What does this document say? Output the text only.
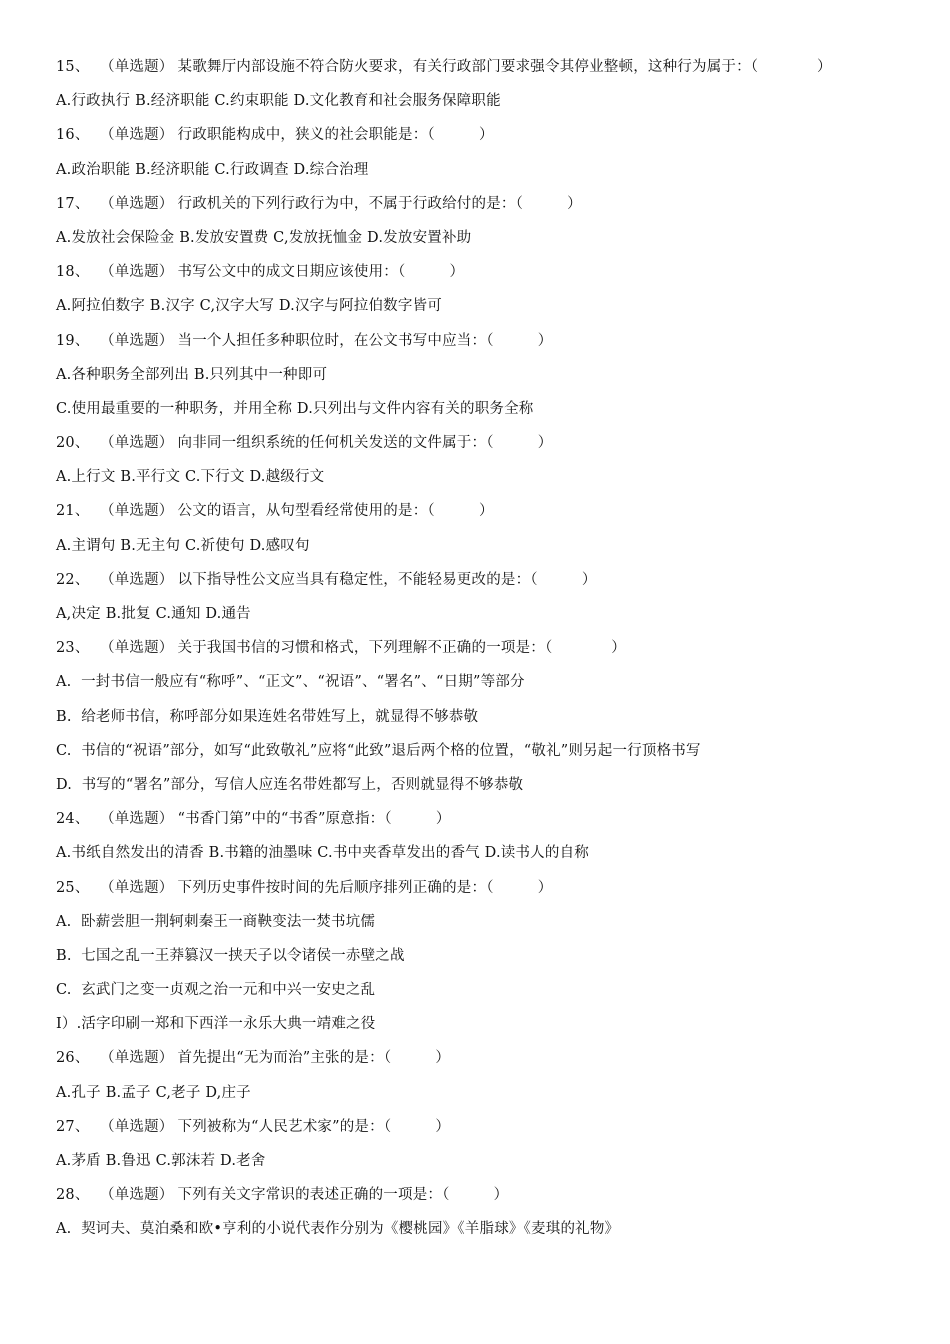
15、 （单选题） 某歌舞厅内部设施不符合防火要求，有关行政部门要求强令其停业整顿，这种行为属于：（　　　　）
A.行政执行 B.经济职能 C.约束职能 D.文化教育和社会服务保障职能
16、 （单选题） 行政职能构成中，狭义的社会职能是：（　　　）
A.政治职能 B.经济职能 C.行政调查 D.综合治理
17、 （单选题） 行政机关的下列行政行为中，不属于行政给付的是：（　　　）
A.发放社会保险金 B.发放安置费 C,发放抚恤金 D.发放安置补助
18、 （单选题） 书写公文中的成文日期应该使用：（　　　）
A.阿拉伯数字 B.汉字 C,汉字大写 D.汉字与阿拉伯数字皆可
19、 （单选题） 当一个人担任多种职位时，在公文书写中应当：（　　　）
A.各种职务全部列出 B.只列其中一种即可
C.使用最重要的一种职务，并用全称 D.只列出与文件内容有关的职务全称
20、 （单选题） 向非同一组织系统的任何机关发送的文件属于：（　　　）
A.上行文 B.平行文 C.下行文 D.越级行文
21、 （单选题） 公文的语言，从句型看经常使用的是：（　　　）
A.主谓句 B.无主句 C.祈使句 D.感叹句
22、 （单选题） 以下指导性公文应当具有稳定性，不能轻易更改的是：（　　　）
A,决定 B.批复 C.通知 D.通告
23、 （单选题） 关于我国书信的习惯和格式，下列理解不正确的一项是：（　　　　）
A.  一封书信一般应有“称呼”、“正文”、“祝语”、“署名”、“日期”等部分
B.  给老师书信，称呼部分如果连姓名带姓写上，就显得不够恭敬
C.  书信的“祝语”部分，如写“此致敬礼”应将“此致”退后两个格的位置，“敬礼”则另起一行顶格书写
D.  书写的“署名”部分，写信人应连名带姓都写上，否则就显得不够恭敬
24、 （单选题） “书香门第”中的“书香”原意指：（　　　）
A.书纸自然发出的清香 B.书籍的油墨味 C.书中夹香草发出的香气 D.读书人的自称
25、 （单选题） 下列历史事件按时间的先后顺序排列正确的是：（　　　）
A.  卧薪尝胆一荆轲刺秦王一商鞅变法一焚书坑儒
B.  七国之乱一王莽篡汉一挟天子以令诸侯一赤壁之战
C.  玄武门之变一贞观之治一元和中兴一安史之乱
I）.活字印刷一郑和下西洋一永乐大典一靖难之役
26、 （单选题） 首先提出“无为而治”主张的是：（　　　）
A.孔子 B.孟子 C,老子 D,庄子
27、 （单选题） 下列被称为“人民艺术家”的是：（　　　）
A.茅盾 B.鲁迅 C.郭沫若 D.老舍
28、 （单选题） 下列有关文字常识的表述正确的一项是：（　　　）
A.  契诃夫、莫泊桑和欧•亨利的小说代表作分别为《樱桃园》《羊脂球》《麦琪的礼物》
